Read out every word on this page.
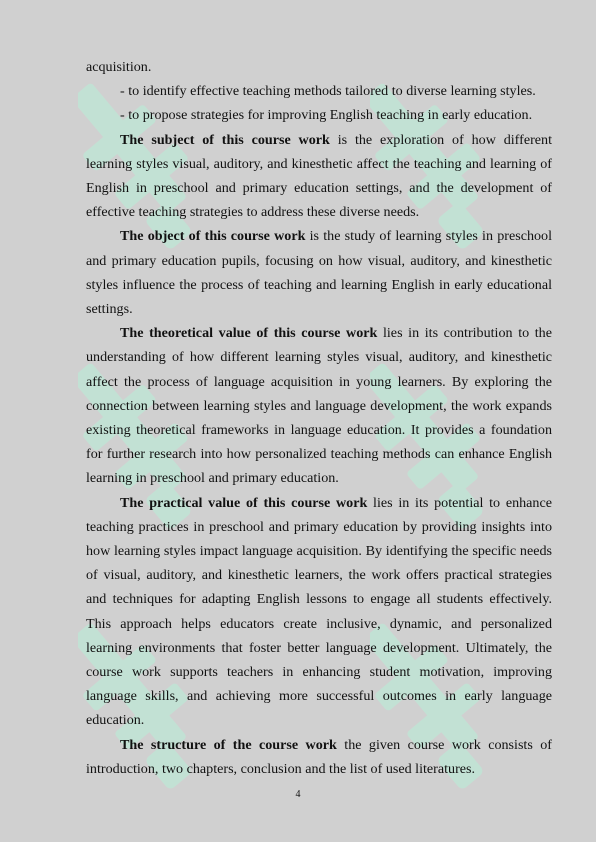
acquisition.

- to identify effective teaching methods tailored to diverse learning styles.

- to propose strategies for improving English teaching in early education.

The subject of this course work is the exploration of how different learning styles visual, auditory, and kinesthetic affect the teaching and learning of English in preschool and primary education settings, and the development of effective teaching strategies to address these diverse needs.

The object of this course work is the study of learning styles in preschool and primary education pupils, focusing on how visual, auditory, and kinesthetic styles influence the process of teaching and learning English in early educational settings.

The theoretical value of this course work lies in its contribution to the understanding of how different learning styles visual, auditory, and kinesthetic affect the process of language acquisition in young learners. By exploring the connection between learning styles and language development, the work expands existing theoretical frameworks in language education. It provides a foundation for further research into how personalized teaching methods can enhance English learning in preschool and primary education.

The practical value of this course work lies in its potential to enhance teaching practices in preschool and primary education by providing insights into how learning styles impact language acquisition. By identifying the specific needs of visual, auditory, and kinesthetic learners, the work offers practical strategies and techniques for adapting English lessons to engage all students effectively. This approach helps educators create inclusive, dynamic, and personalized learning environments that foster better language development. Ultimately, the course work supports teachers in enhancing student motivation, improving language skills, and achieving more successful outcomes in early language education.

The structure of the course work the given course work consists of introduction, two chapters, conclusion and the list of used literatures.

4
